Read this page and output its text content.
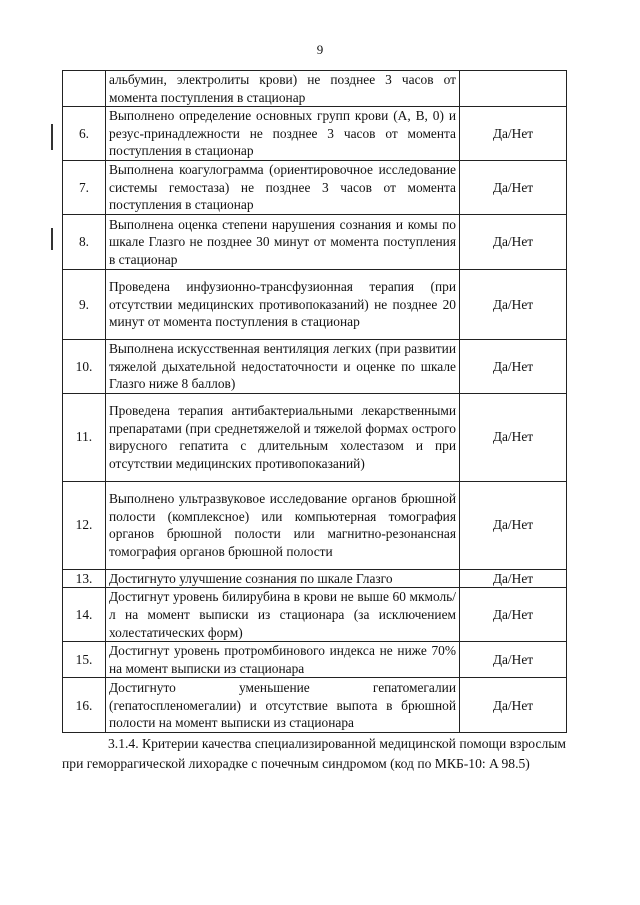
9
	альбумин, электролиты крови) не позднее 3 часов от момента поступления в стационар	
6.	Выполнено определение основных групп крови (A, B, 0) и резус-принадлежности не позднее 3 часов от момента поступления в стационар	Да/Нет
7.	Выполнена коагулограмма (ориентировочное исследование системы гемостаза) не позднее 3 часов от момента поступления в стационар	Да/Нет
8.	Выполнена оценка степени нарушения сознания и комы по шкале Глазго не позднее 30 минут от момента поступления в стационар	Да/Нет
9.	Проведена инфузионно-трансфузионная терапия (при отсутствии медицинских противопоказаний) не позднее 20 минут от момента поступления в стационар	Да/Нет
10.	Выполнена искусственная вентиляция легких (при развитии тяжелой дыхательной недостаточности и оценке по шкале Глазго ниже 8 баллов)	Да/Нет
11.	Проведена терапия антибактериальными лекарственными препаратами (при среднетяжелой и тяжелой формах острого вирусного гепатита с длительным холестазом и при отсутствии медицинских противопоказаний)	Да/Нет
12.	Выполнено ультразвуковое исследование органов брюшной полости (комплексное) или компьютерная томография органов брюшной полости или магнитно-резонансная томография органов брюшной полости	Да/Нет
13.	Достигнуто улучшение сознания по шкале Глазго	Да/Нет
14.	Достигнут уровень билирубина в крови не выше 60 мкмоль/л на момент выписки из стационара (за исключением холестатических форм)	Да/Нет
15.	Достигнут уровень протромбинового индекса не ниже 70% на момент выписки из стационара	Да/Нет
16.	Достигнуто уменьшение гепатомегалии (гепатоспленомегалии) и отсутствие выпота в брюшной полости на момент выписки из стационара	Да/Нет

3.1.4. Критерии качества специализированной медицинской помощи взрослым при геморрагической лихорадке с почечным синдромом (код по МКБ-10: A 98.5)
